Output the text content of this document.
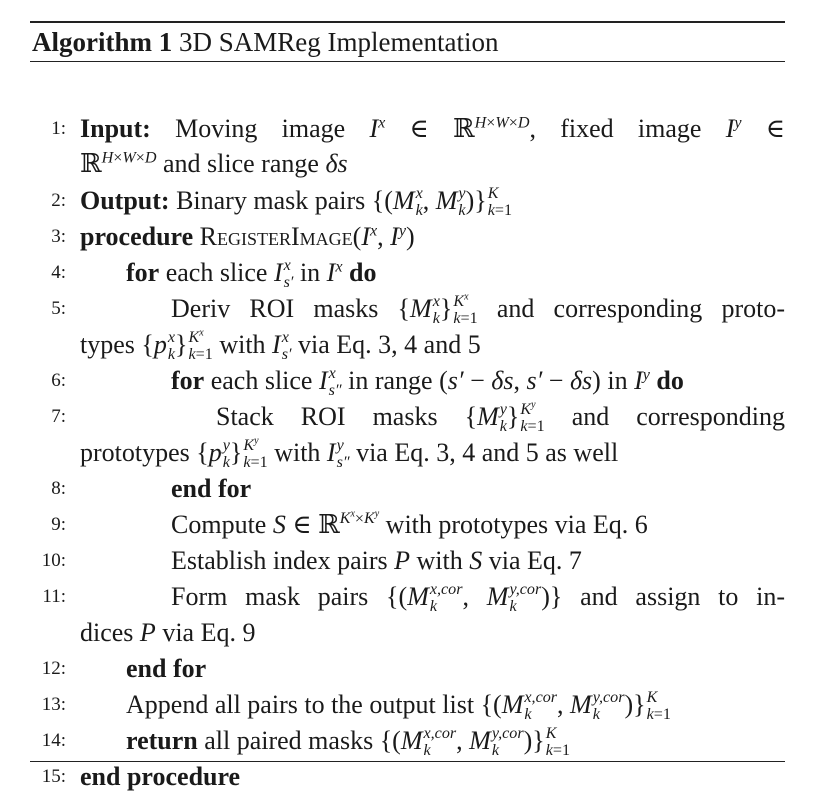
Algorithm 1 3D SAMReg Implementation
1: Input: Moving image $I^x$ ∈ ℝ$^{H\times W\times D}$, fixed image $I^y$ ∈
ℝ$^{H\times W\times D}$ and slice range δs
2: Output: Binary mask pairs {(M x
k , M y
k )} K
k=1
3: procedure $RegisterImage(I^x$, $I^y$)
4: for each slice I x
s′ in $I^x$ do
5:	Deriv ROI masks {M x
k } $K^x$
k=1 and corresponding proto-
types {p x
k } $K^x$
k=1 with I x
s′ via Eq. 3, 4 and 5
6:	for each slice I x
s″ in range (s′ − δs, s′ − δs) in $I^y$ do
7:	Stack ROI masks {M y
k } $K^y$
k=1 and corresponding
prototypes {p y
k } $K^y$
k=1 with I y
s″ via Eq. 3, 4 and 5 as well
8:	end for
9:	Compute S ∈ ℝ$^{K^x\times K^y}$ with prototypes via Eq. 6
10:	Establish index pairs P with S via Eq. 7
11:	Form mask pairs {(M x,cor
k , M y,cor
k )} and assign to in-
dices P via Eq. 9
12: end for
13: Append all pairs to the output list {(M x,cor
k , M y,cor
k )} K
k=1
14: return all paired masks {(M x,cor
k , M y,cor
k )} K
k=1
15: end procedure
